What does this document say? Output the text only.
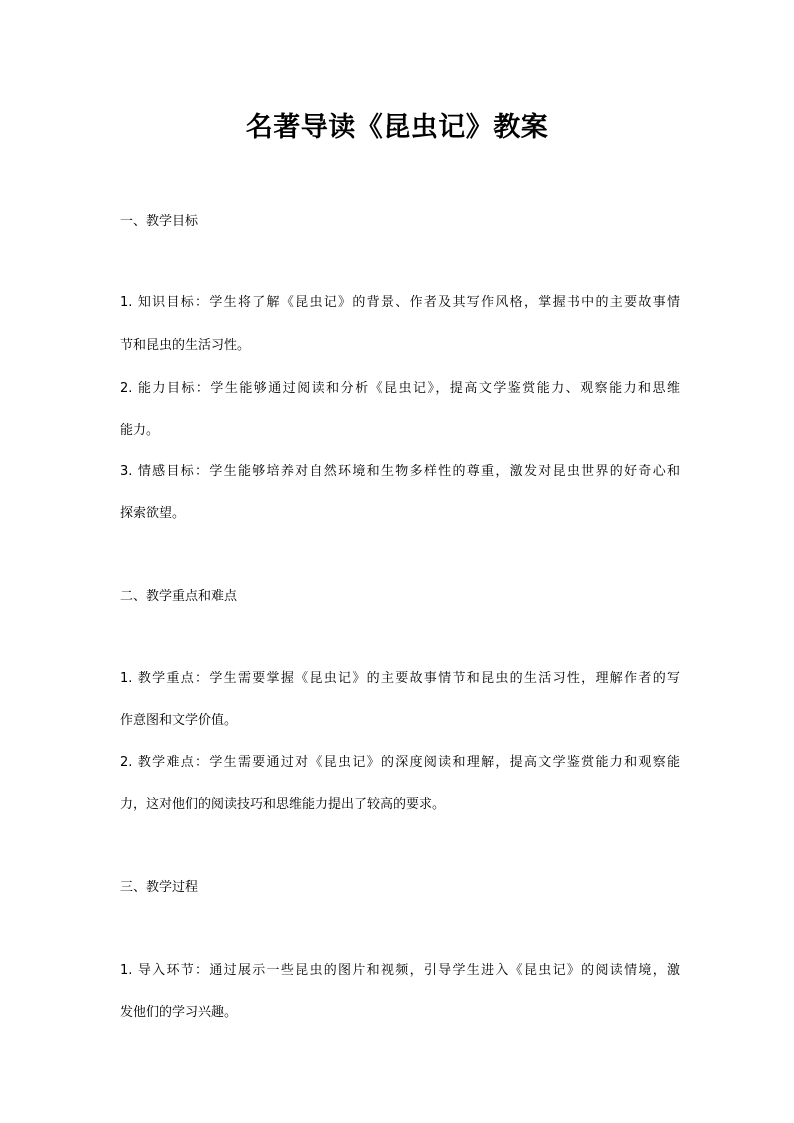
名著导读《昆虫记》教案
一、教学目标
1. 知识目标：学生将了解《昆虫记》的背景、作者及其写作风格，掌握书中的主要故事情
节和昆虫的生活习性。
2. 能力目标：学生能够通过阅读和分析《昆虫记》，提高文学鉴赏能力、观察能力和思维
能力。
3. 情感目标：学生能够培养对自然环境和生物多样性的尊重，激发对昆虫世界的好奇心和
探索欲望。
二、教学重点和难点
1. 教学重点：学生需要掌握《昆虫记》的主要故事情节和昆虫的生活习性，理解作者的写
作意图和文学价值。
2. 教学难点：学生需要通过对《昆虫记》的深度阅读和理解，提高文学鉴赏能力和观察能
力，这对他们的阅读技巧和思维能力提出了较高的要求。
三、教学过程
1. 导入环节：通过展示一些昆虫的图片和视频，引导学生进入《昆虫记》的阅读情境，激
发他们的学习兴趣。
